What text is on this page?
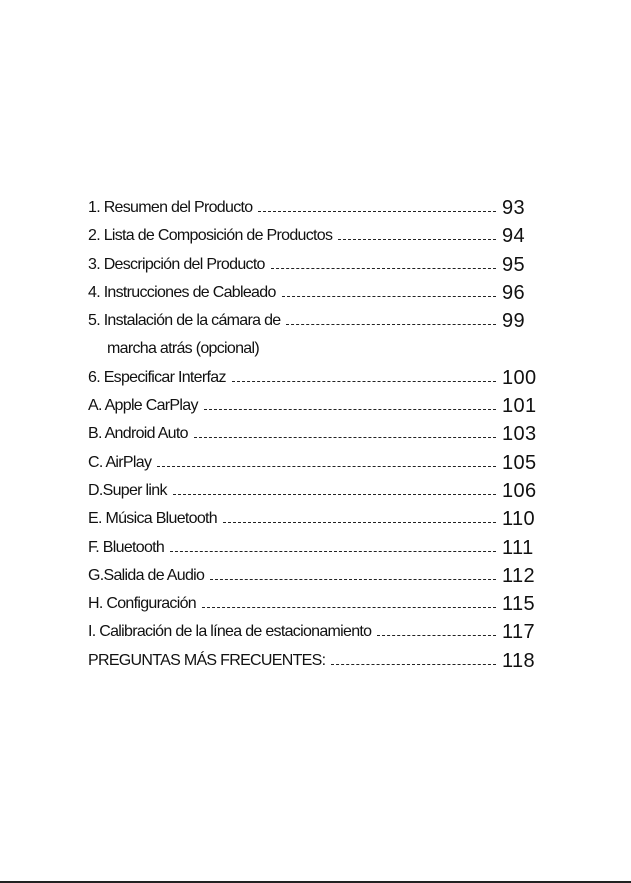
1. Resumen del Producto	93
2. Lista de Composición de Productos	94
3. Descripción del Producto	95
4. Instrucciones de Cableado	96
5. Instalación de la cámara de	99
marcha atrás (opcional)
6. Especificar Interfaz	100
A. Apple CarPlay	101
B. Android Auto	103
C. AirPlay	105
D.Super link	106
E. Música Bluetooth	110
F. Bluetooth	111
G.Salida de Audio	112
H. Configuración	115
I. Calibración de la línea de estacionamiento	117
PREGUNTAS MÁS FRECUENTES:	118
